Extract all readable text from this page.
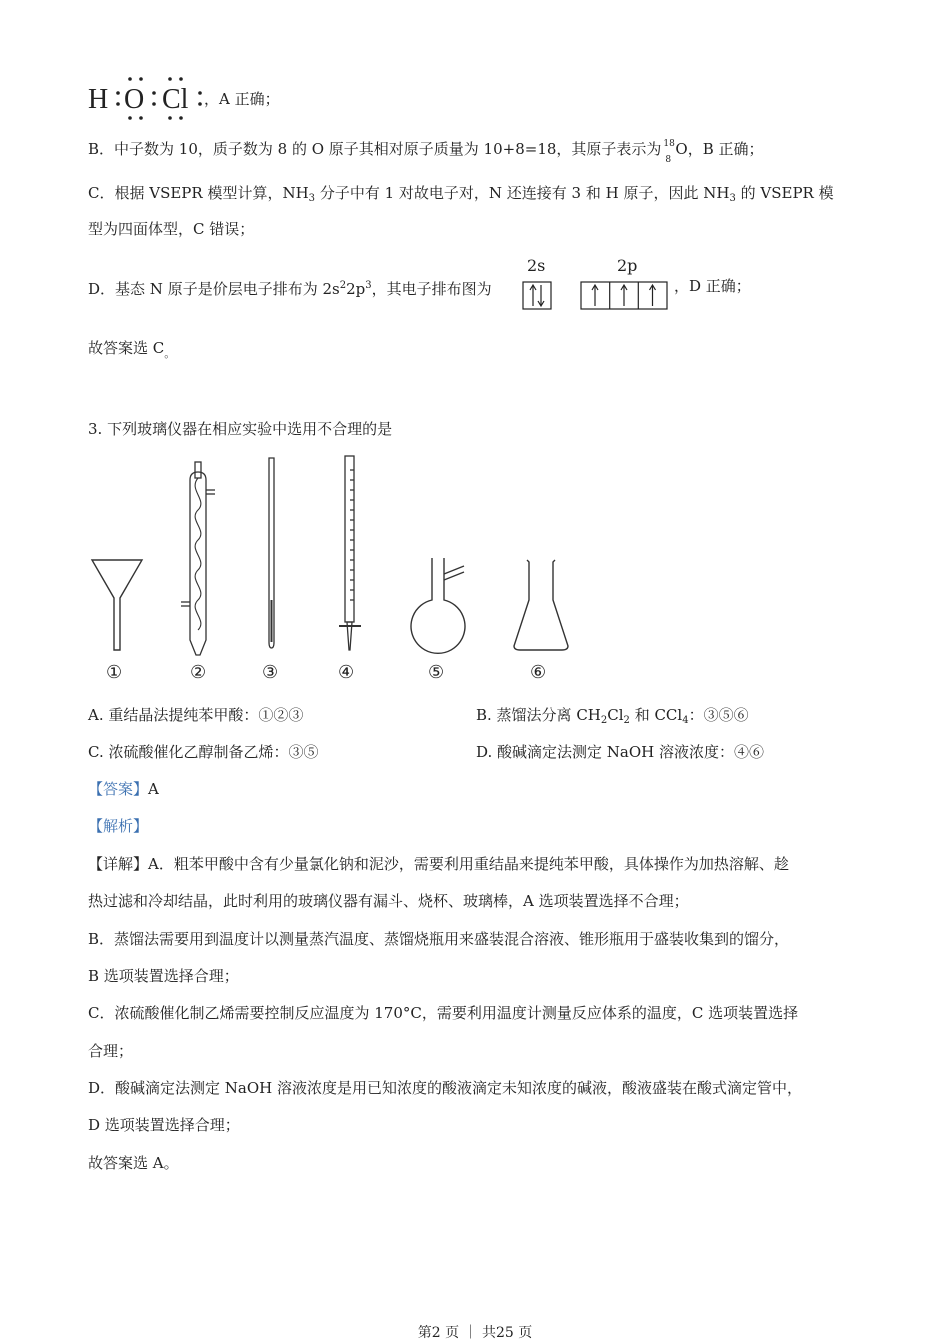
H O Cl ，A 正确；
B．中子数为 10，质子数为 8 的 O 原子其相对原子质量为 10+8=18，其原子表示为 18
8
O，B 正确；
C．根据 VSEPR 模型计算，$NH_3$ 分子中有 1 对故电子对，N 还连接有 3 和 H 原子，因此 $NH_3$ 的 VSEPR 模
型为四面体型，C 错误；
D．基态 N 原子是价层电子排布为 $2s^22p^3$，其电子排布图为
2s	2p
，D 正确；
故答案选 $C_。$
3. 下列玻璃仪器在相应实验中选用不合理的是
①	②	③	④	⑤	⑥
A. 重结晶法提纯苯甲酸：①②③	B. 蒸馏法分离 $CH_2Cl_2$ 和 CCl$_4$：③⑤⑥
C. 浓硫酸催化乙醇制备乙烯：③⑤	D. 酸碱滴定法测定 NaOH 溶液浓度：④⑥
【答案】A
【解析】
【详解】A．粗苯甲酸中含有少量氯化钠和泥沙，需要利用重结晶来提纯苯甲酸，具体操作为加热溶解、趁
热过滤和冷却结晶，此时利用的玻璃仪器有漏斗、烧杯、玻璃棒，A 选项装置选择不合理；
B．蒸馏法需要用到温度计以测量蒸汽温度、蒸馏烧瓶用来盛装混合溶液、锥形瓶用于盛装收集到的馏分，
B 选项装置选择合理；
C．浓硫酸催化制乙烯需要控制反应温度为 170°C，需要利用温度计测量反应体系的温度，C 选项装置选择
合理；
D．酸碱滴定法测定 NaOH 溶液浓度是用已知浓度的酸液滴定未知浓度的碱液，酸液盛装在酸式滴定管中，
D 选项装置选择合理；
故答案选 A。
第2 页 ｜ 共25 页
